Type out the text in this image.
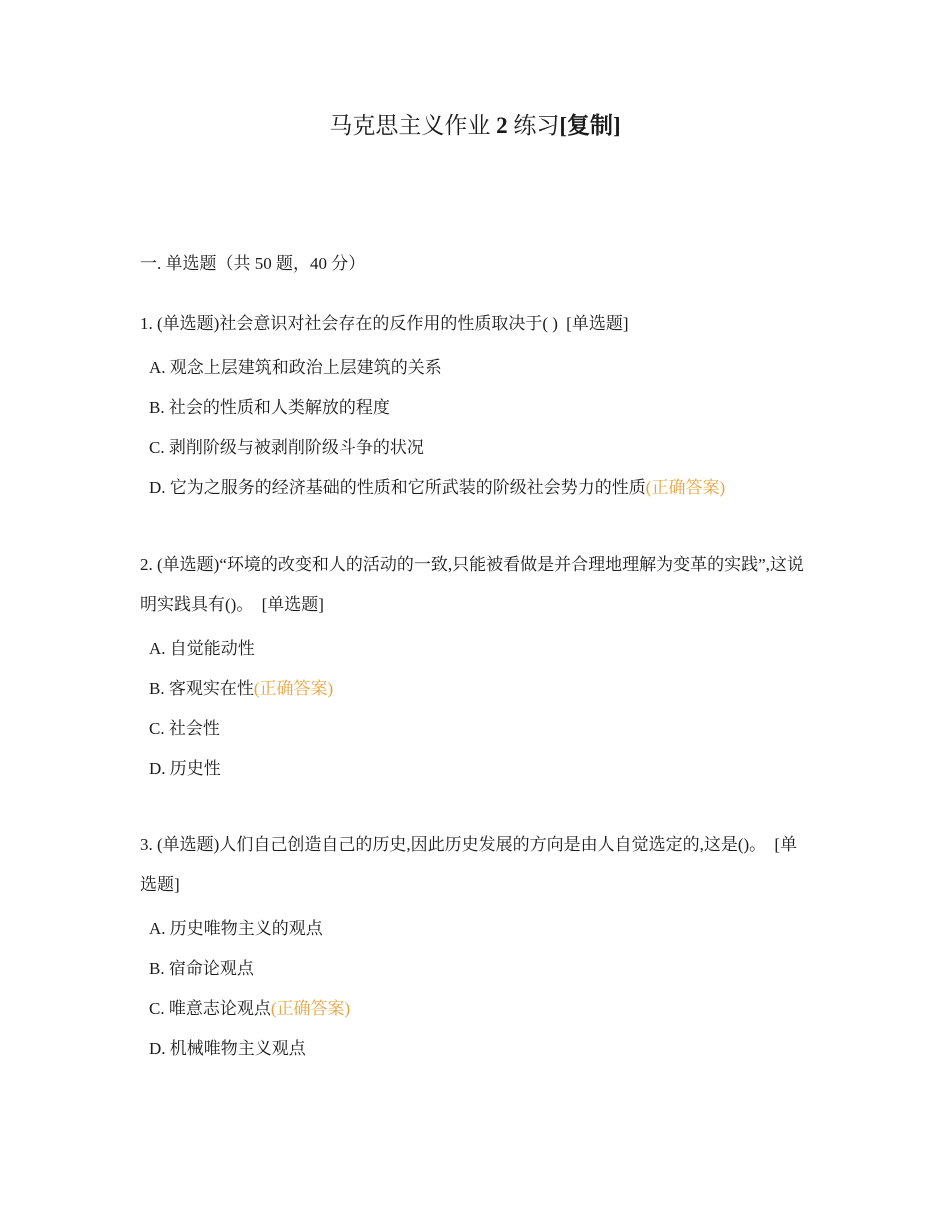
马克思主义作业 2 练习[复制]
一. 单选题（共 50 题，40 分）

1. (单选题)社会意识对社会存在的反作用的性质取决于( ) [单选题]

A. 观念上层建筑和政治上层建筑的关系
B. 社会的性质和人类解放的程度
C. 剥削阶级与被剥削阶级斗争的状况
D. 它为之服务的经济基础的性质和它所武装的阶级社会势力的性质(正确答案)

2. (单选题)“环境的改变和人的活动的一致,只能被看做是并合理地理解为变革的实践”,这说明实践具有()。 [单选题]

A. 自觉能动性
B. 客观实在性(正确答案)
C. 社会性
D. 历史性

3. (单选题)人们自己创造自己的历史,因此历史发展的方向是由人自觉选定的,这是()。 [单选题]

A. 历史唯物主义的观点
B. 宿命论观点
C. 唯意志论观点(正确答案)
D. 机械唯物主义观点
